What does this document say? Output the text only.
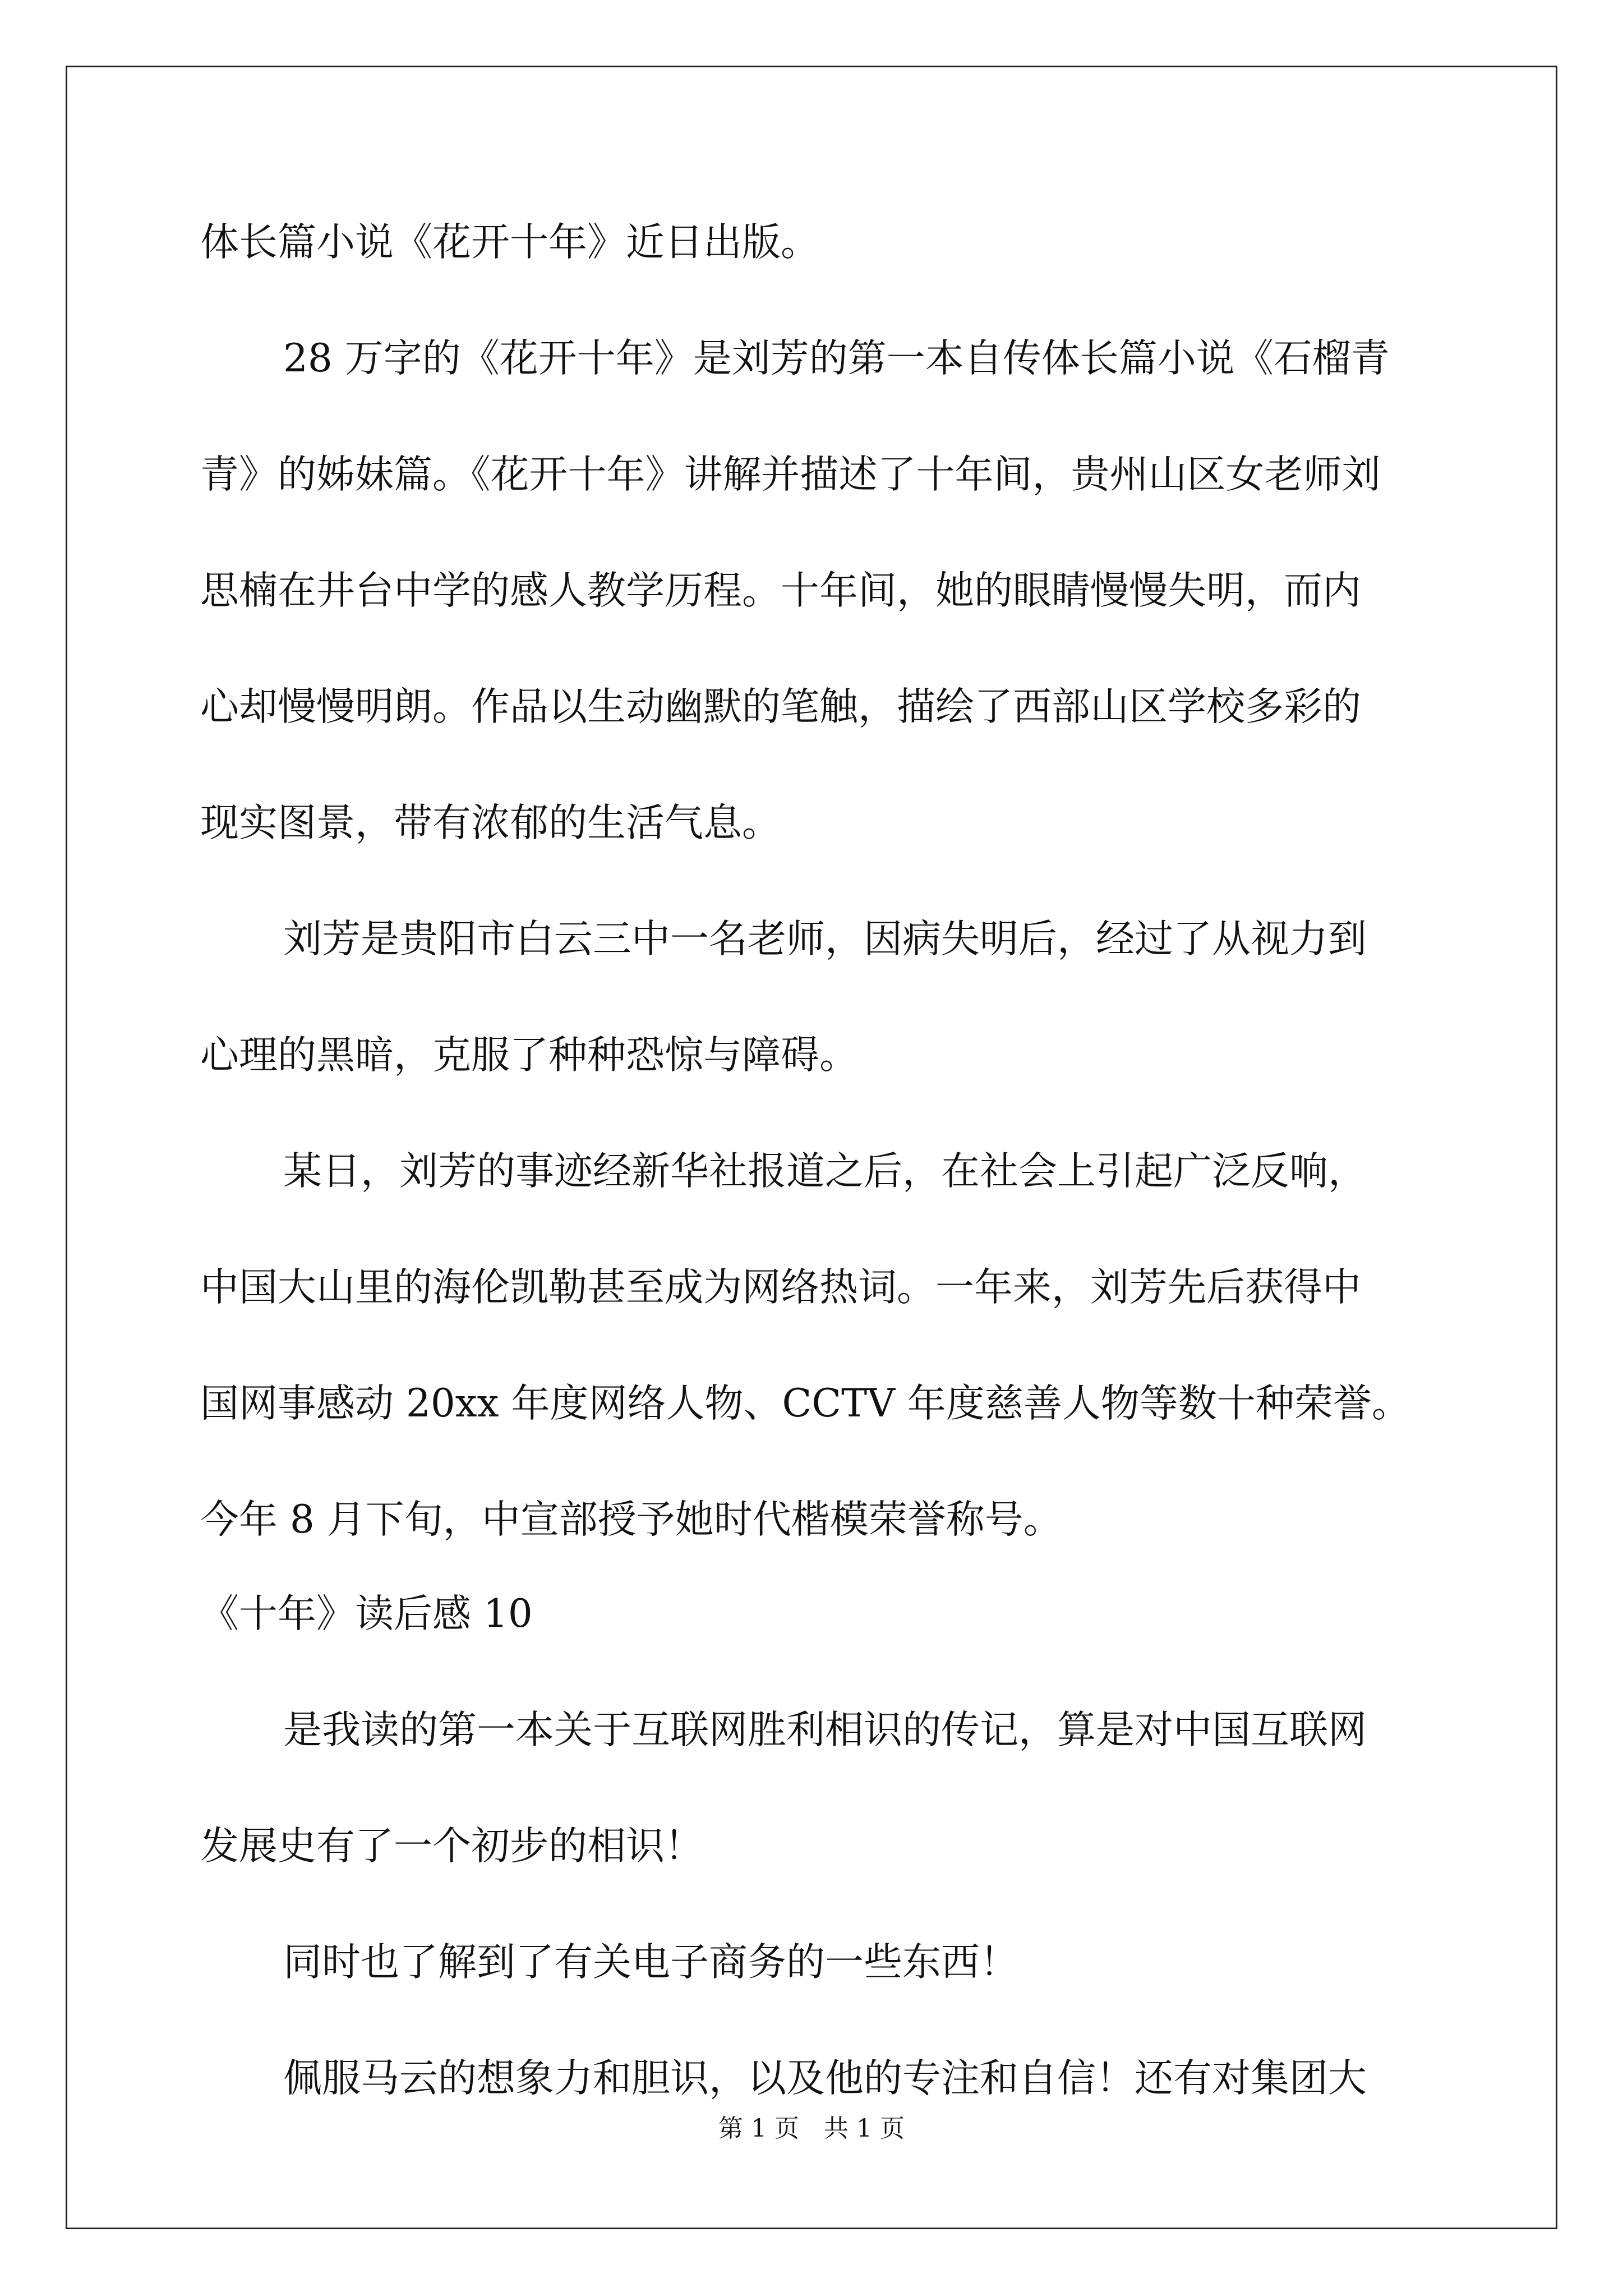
体长篇小说《花开十年》近日出版。
28 万字的《花开十年》是刘芳的第一本自传体长篇小说《石榴青
青》的姊妹篇。《花开十年》讲解并描述了十年间，贵州山区女老师刘
思楠在井台中学的感人教学历程。十年间，她的眼睛慢慢失明，而内
心却慢慢明朗。作品以生动幽默的笔触，描绘了西部山区学校多彩的
现实图景，带有浓郁的生活气息。
刘芳是贵阳市白云三中一名老师，因病失明后，经过了从视力到
心理的黑暗，克服了种种恐惊与障碍。
某日，刘芳的事迹经新华社报道之后，在社会上引起广泛反响，
中国大山里的海伦凯勒甚至成为网络热词。一年来，刘芳先后获得中
国网事感动 20xx 年度网络人物、CCTV 年度慈善人物等数十种荣誉。
今年 8 月下旬，中宣部授予她时代楷模荣誉称号。
《十年》读后感 10
是我读的第一本关于互联网胜利相识的传记，算是对中国互联网
发展史有了一个初步的相识！
同时也了解到了有关电子商务的一些东西！
佩服马云的想象力和胆识，以及他的专注和自信！还有对集团大
第 1 页　共 1 页
